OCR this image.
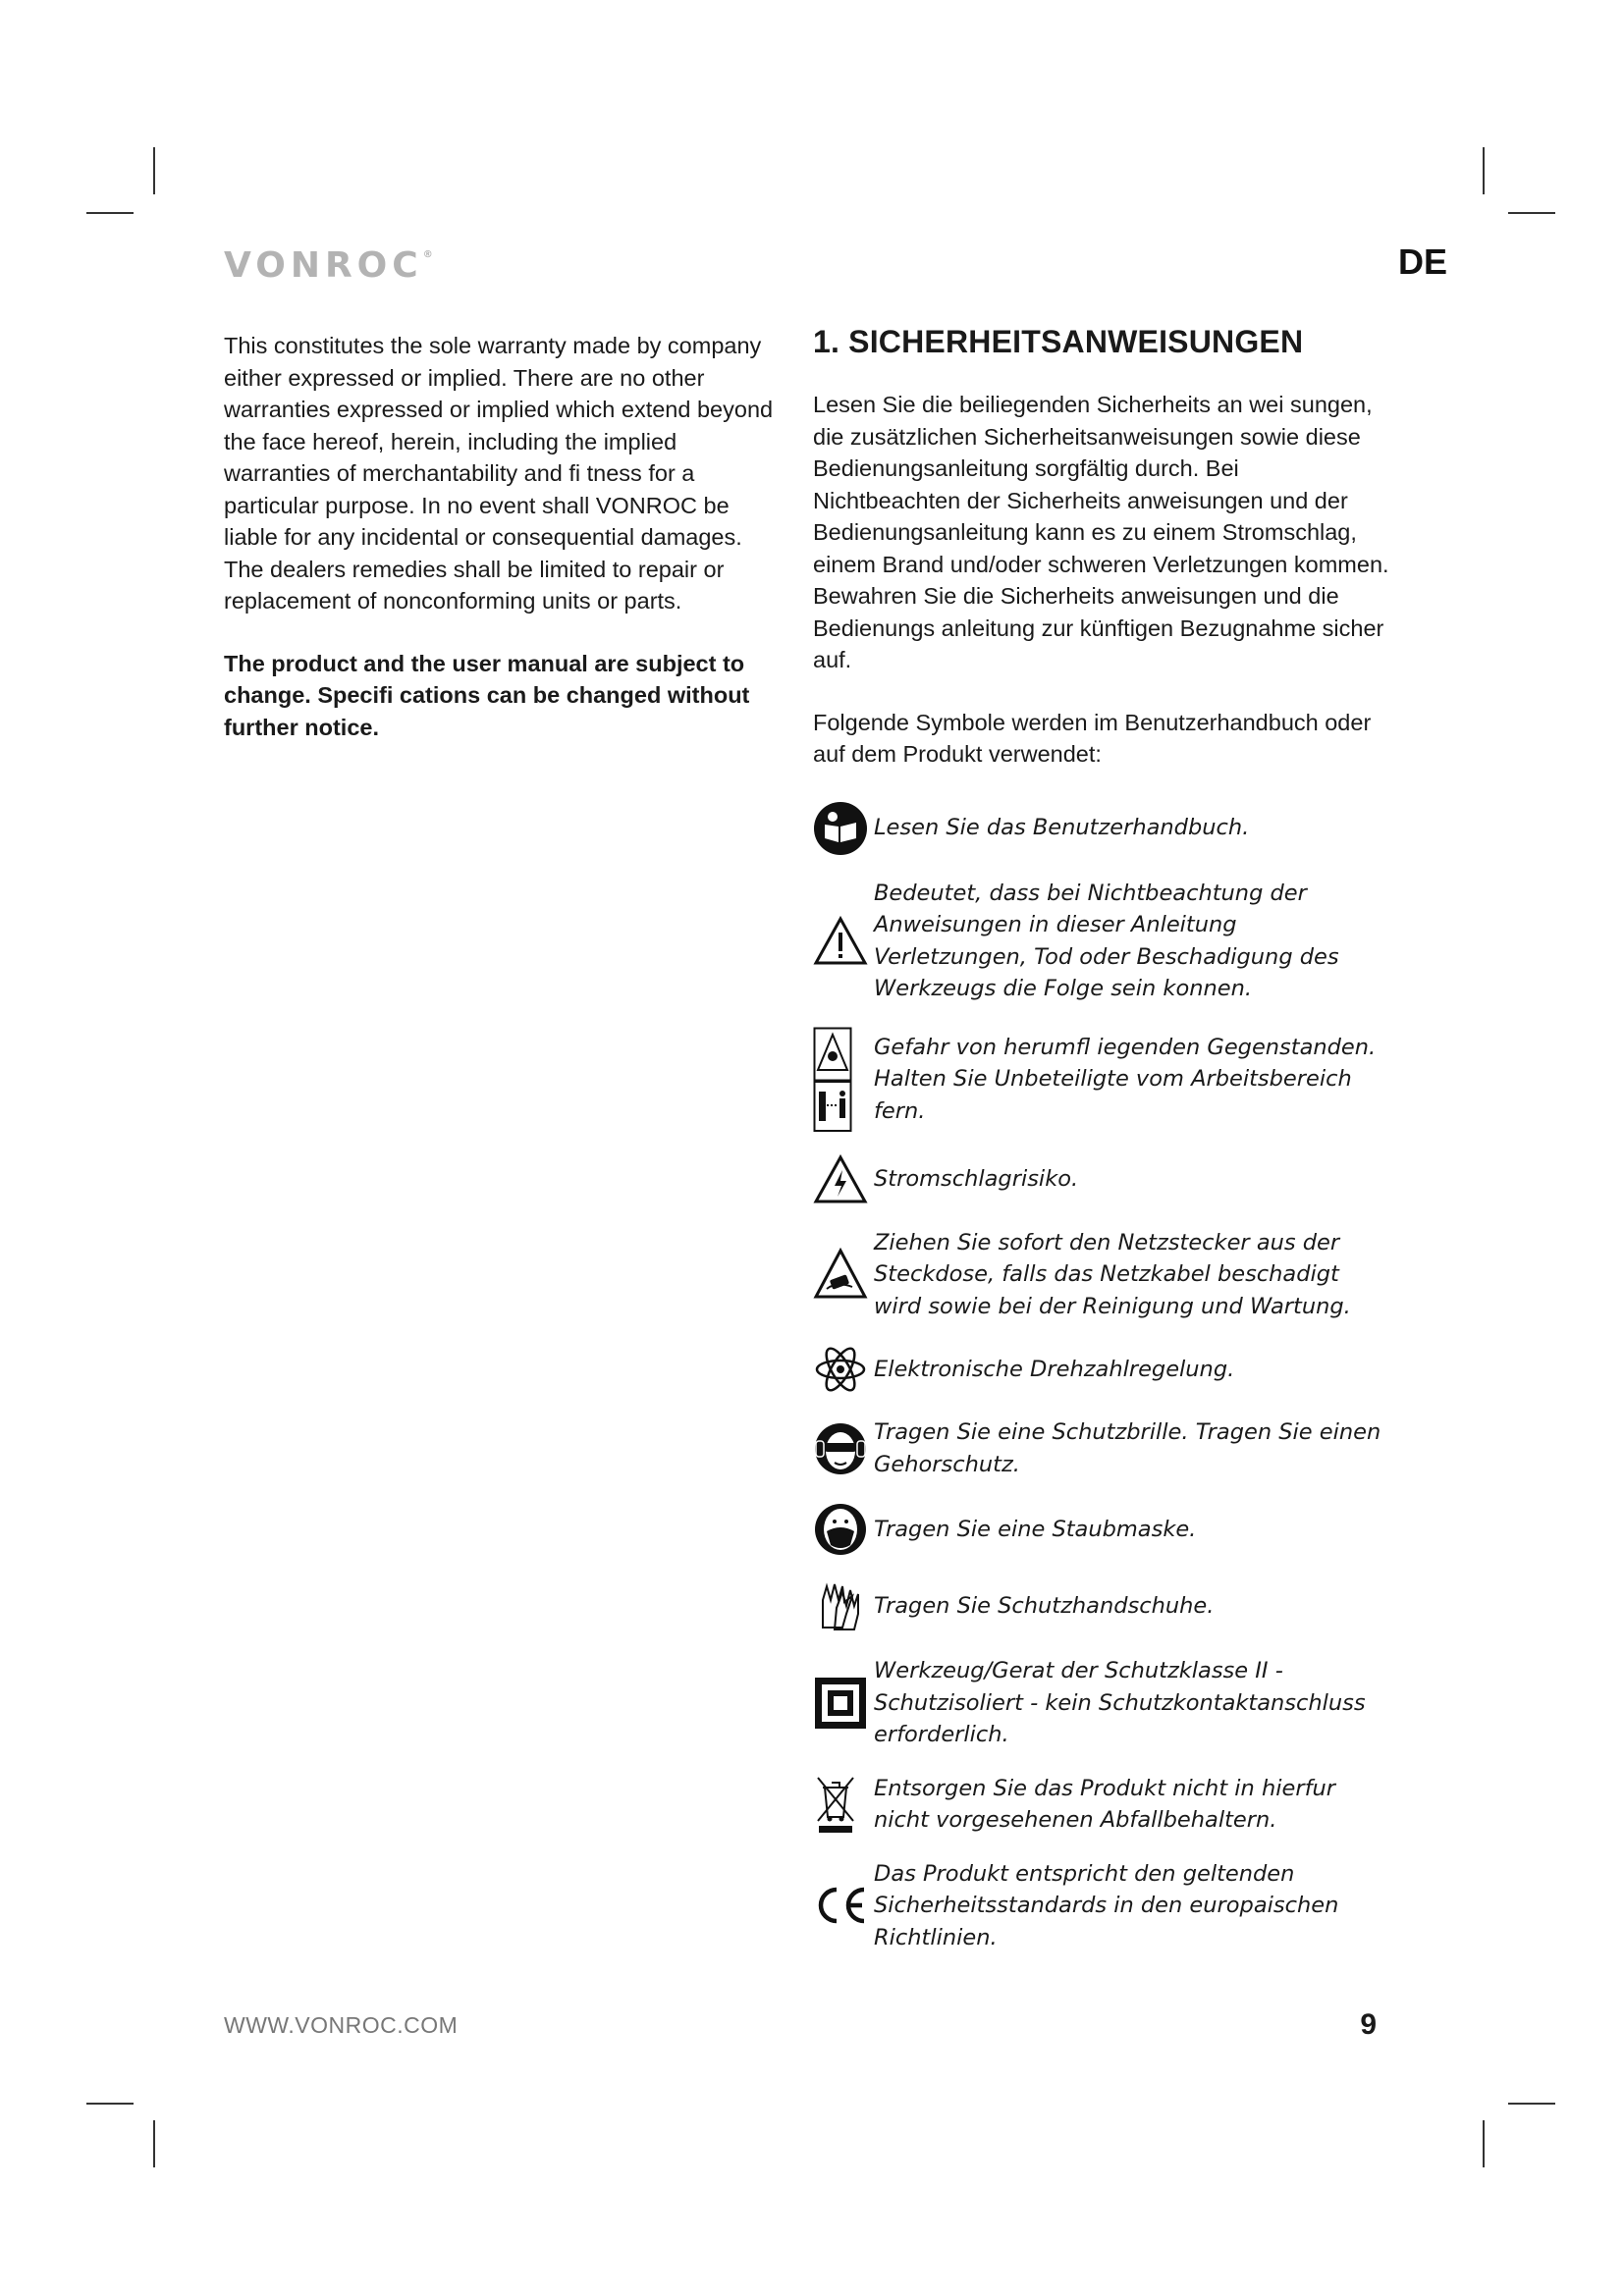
VONROC®	DE

This constitutes the sole warranty made by company either expressed or implied. There are no other warranties expressed or implied which extend beyond the face hereof, herein, including the implied warranties of merchantability and fi tness for a particular purpose. In no event shall VONROC be liable for any incidental or consequential damages. The dealers remedies shall be limited to repair or replacement of nonconforming units or parts.

The product and the user manual are subject to change. Specifi cations can be changed without further notice.

1. SICHERHEITSANWEISUNGEN

Lesen Sie die beiliegenden Sicherheits an wei sungen, die zusätzlichen Sicherheitsanweisungen sowie diese Bedienungsanleitung sorgfältig durch. Bei Nichtbeachten der Sicherheits anweisungen und der Bedienungsanleitung kann es zu einem Stromschlag, einem Brand und/oder schweren Verletzungen kommen. Bewahren Sie die Sicherheits anweisungen und die Bedienungs anleitung zur künftigen Bezugnahme sicher auf.

Folgende Symbole werden im Benutzerhandbuch oder auf dem Produkt verwendet:

Lesen Sie das Benutzerhandbuch.
Bedeutet, dass bei Nichtbeachtung der Anweisungen in dieser Anleitung Verletzungen, Tod oder Beschadigung des Werkzeugs die Folge sein konnen.
Gefahr von herumfl iegenden Gegenstanden. Halten Sie Unbeteiligte vom Arbeitsbereich fern.
Stromschlagrisiko.
Ziehen Sie sofort den Netzstecker aus der Steckdose, falls das Netzkabel beschadigt wird sowie bei der Reinigung und Wartung.
Elektronische Drehzahlregelung.
Tragen Sie eine Schutzbrille. Tragen Sie einen Gehorschutz.
Tragen Sie eine Staubmaske.
Tragen Sie Schutzhandschuhe.
Werkzeug/Gerat der Schutzklasse II - Schutzisoliert - kein Schutzkontaktanschluss erforderlich.
Entsorgen Sie das Produkt nicht in hierfur nicht vorgesehenen Abfallbehaltern.
Das Produkt entspricht den geltenden Sicherheitsstandards in den europaischen Richtlinien.
WWW.VONROC.COM	9
